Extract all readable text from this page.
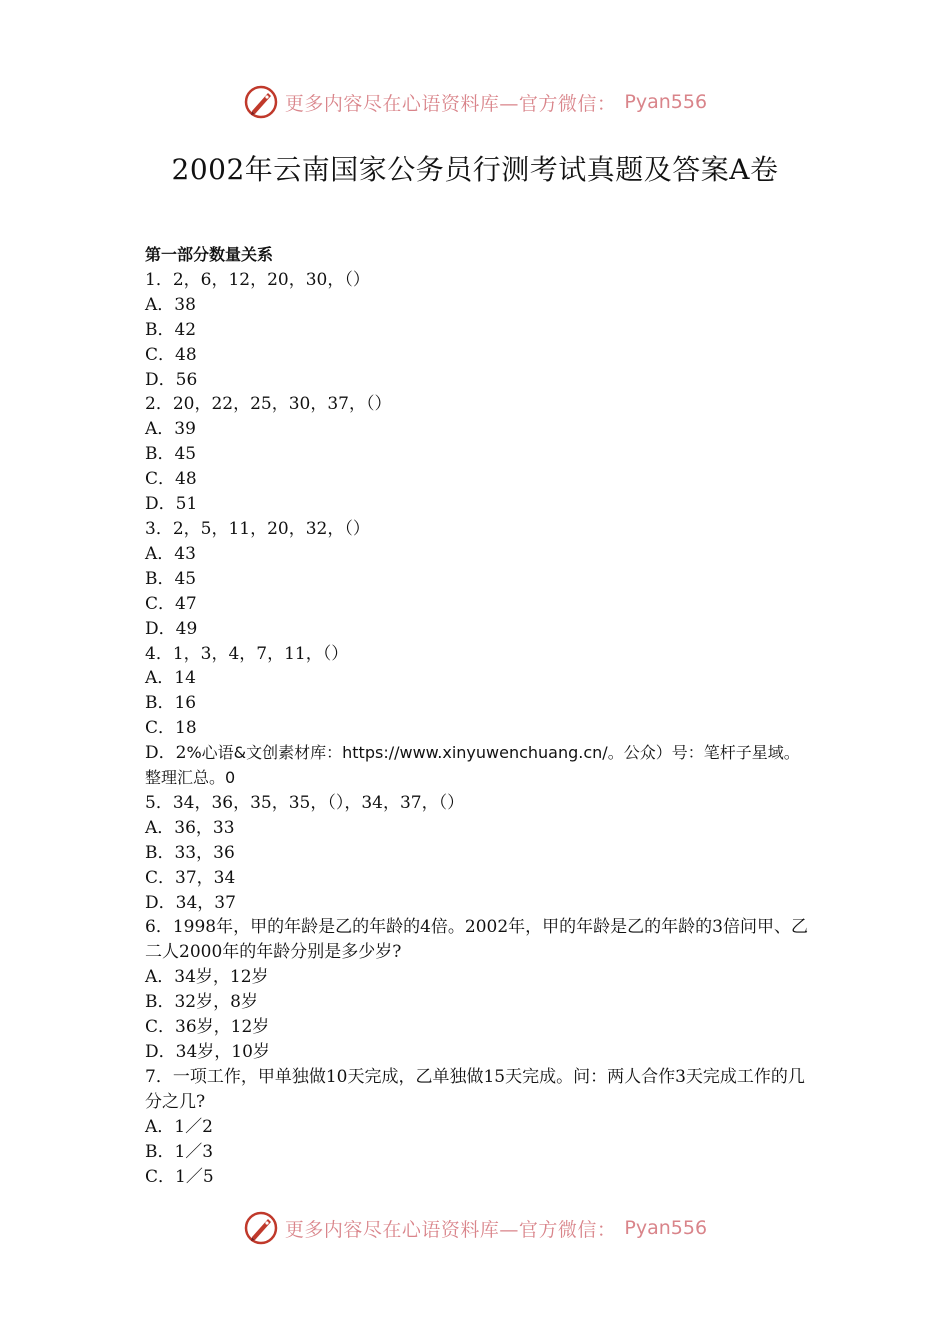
更多内容尽在心语资料库—官方微信： Pyan556
2002年云南国家公务员行测考试真题及答案A卷
第一部分数量关系
1．2，6，12，20，30，（）
A．38
B．42
C．48
D．56
2．20，22，25，30，37，（）
A．39
B．45
C．48
D．51
3．2，5，11，20，32，（）
A．43
B．45
C．47
D．49
4．1，3，4，7，11，（）
A．14
B．16
C．18
D．2%心语&文创素材库：https://www.xinyuwenchuang.cn/。公众）号：笔杆子星域。整理汇总。0
5．34，36，35，35，（），34，37，（）
A．36，33
B．33，36
C．37，34
D．34，37
6．1998年，甲的年龄是乙的年龄的4倍。2002年，甲的年龄是乙的年龄的3倍问甲、乙二人2000年的年龄分别是多少岁?
A．34岁，12岁
B．32岁，8岁
C．36岁，12岁
D．34岁，10岁
7．一项工作，甲单独做10天完成，乙单独做15天完成。问：两人合作3天完成工作的几分之几?
A．1／2
B．1／3
C．1／5
更多内容尽在心语资料库—官方微信： Pyan556
